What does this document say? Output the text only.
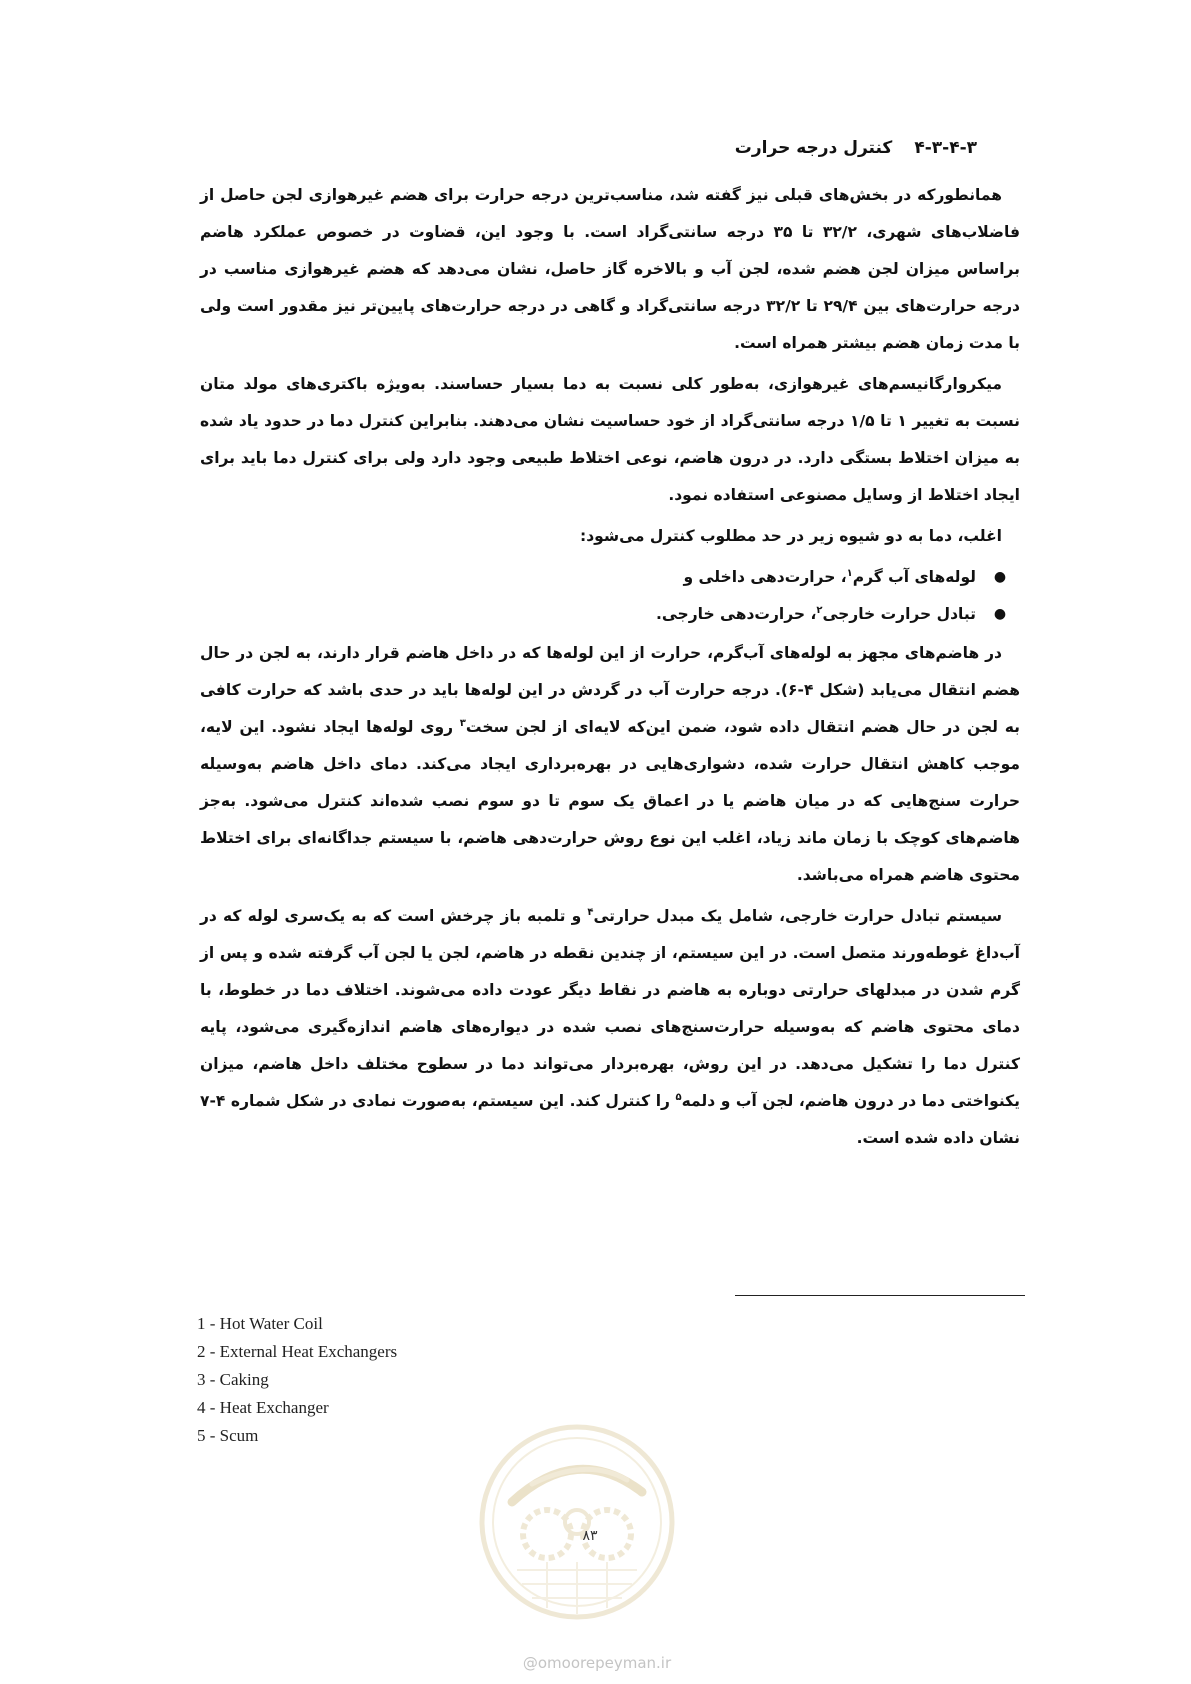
۴-۳-۴-۳کنترل درجه حرارت

همانطورکه در بخش‌های قبلی نیز گفته شد، مناسب‌ترین درجه حرارت برای هضم غیرهوازی لجن حاصل از فاضلاب‌های شهری، ۳۲/۲ تا ۳۵ درجه سانتی‌گراد است. با وجود این، قضاوت در خصوص عملکرد هاضم براساس میزان لجن هضم شده، لجن آب و بالاخره گاز حاصل، نشان می‌دهد که هضم غیرهوازی مناسب در درجه حرارت‌های بین ۲۹/۴ تا ۳۲/۲ درجه سانتی‌گراد و گاهی در درجه حرارت‌های پایین‌تر نیز مقدور است ولی با مدت زمان هضم بیشتر همراه است.

میکروارگانیسم‌های غیرهوازی، به‌طور کلی نسبت به دما بسیار حساسند. به‌ویژه باکتری‌های مولد متان نسبت به تغییر ۱ تا ۱/۵ درجه سانتی‌گراد از خود حساسیت نشان می‌دهند. بنابراین کنترل دما در حدود یاد شده به میزان اختلاط بستگی دارد. در درون هاضم، نوعی اختلاط طبیعی وجود دارد ولی برای کنترل دما باید برای ایجاد اختلاط از وسایل مصنوعی استفاده نمود.

اغلب، دما به دو شیوه زیر در حد مطلوب کنترل می‌شود:

●
لوله‌های آب گرم$^۱$، حرارت‌دهی داخلی و
●
تبادل حرارت خارجی$^۲$، حرارت‌دهی خارجی.

در هاضم‌های مجهز به لوله‌های آب‌گرم، حرارت از این لوله‌ها که در داخل هاضم قرار دارند، به لجن در حال هضم انتقال می‌یابد (شکل ۴-۶). درجه حرارت آب در گردش در این لوله‌ها باید در حدی باشد که حرارت کافی به لجن در حال هضم انتقال داده شود، ضمن این‌که لایه‌ای از لجن سخت$^۳$ روی لوله‌ها ایجاد نشود. این لایه، موجب کاهش انتقال حرارت شده، دشواری‌هایی در بهره‌برداری ایجاد می‌کند. دمای داخل هاضم به‌وسیله حرارت سنج‌هایی که در میان هاضم یا در اعماق یک سوم تا دو سوم نصب شده‌اند کنترل می‌شود. به‌جز هاضم‌های کوچک با زمان ماند زیاد، اغلب این نوع روش حرارت‌دهی هاضم، با سیستم جداگانه‌ای برای اختلاط محتوی هاضم همراه می‌باشد.

سیستم تبادل حرارت خارجی، شامل یک مبدل حرارتی$^۴$ و تلمبه باز چرخش است که به یک‌سری لوله که در آب‌داغ غوطه‌ورند متصل است. در این سیستم، از چندین نقطه در هاضم، لجن یا لجن آب گرفته شده و پس از گرم شدن در مبدلهای حرارتی دوباره به هاضم در نقاط دیگر عودت داده می‌شوند. اختلاف دما در خطوط، با دمای محتوی هاضم که به‌وسیله حرارت‌سنج‌های نصب شده در دیواره‌های هاضم اندازه‌گیری می‌شود، پایه کنترل دما را تشکیل می‌دهد. در این روش، بهره‌بردار می‌تواند دما در سطوح مختلف داخل هاضم، میزان یکنواختی دما در درون هاضم، لجن آب و دلمه$^۵$ را کنترل کند. این سیستم، به‌صورت نمادی در شکل شماره ۴-۷ نشان داده شده است.

1 - Hot Water Coil
2 - External Heat Exchangers
3 - Caking
4 - Heat Exchanger
5 - Scum
۸۳
@omoorepeyman.ir
